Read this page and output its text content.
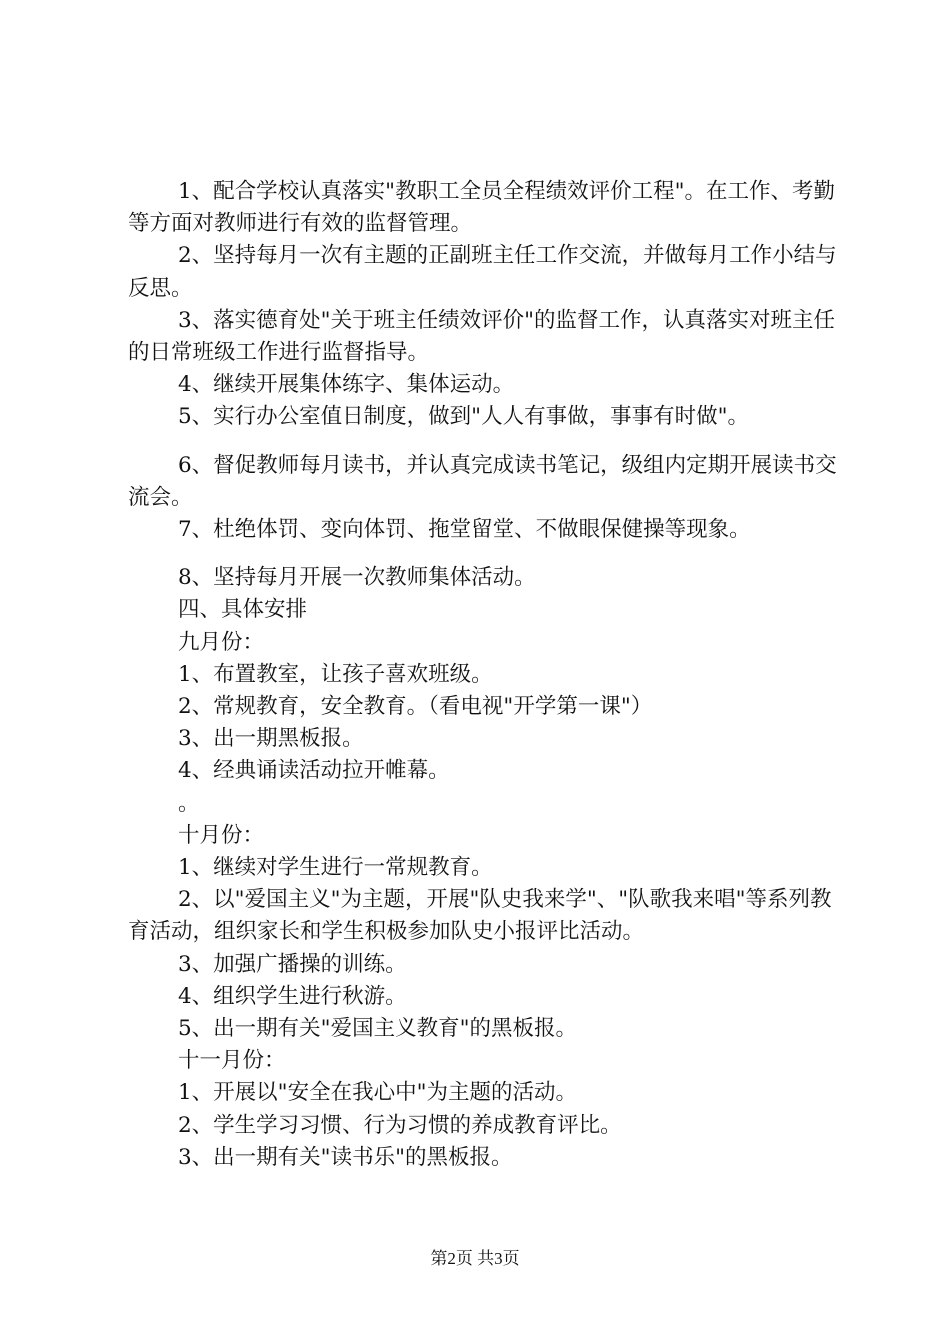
1、配合学校认真落实"教职工全员全程绩效评价工程"。在工作、考勤等方面对教师进行有效的监督管理。

2、坚持每月一次有主题的正副班主任工作交流，并做每月工作小结与反思。

3、落实德育处"关于班主任绩效评价"的监督工作，认真落实对班主任的日常班级工作进行监督指导。

4、继续开展集体练字、集体运动。

5、实行办公室值日制度，做到"人人有事做，事事有时做"。

6、督促教师每月读书，并认真完成读书笔记，级组内定期开展读书交流会。

7、杜绝体罚、变向体罚、拖堂留堂、不做眼保健操等现象。

8、坚持每月开展一次教师集体活动。

四、具体安排

九月份：

1、布置教室，让孩子喜欢班级。

2、常规教育，安全教育。（看电视"开学第一课"）

3、出一期黑板报。

4、经典诵读活动拉开帷幕。

。

十月份：

1、继续对学生进行一常规教育。

2、以"爱国主义"为主题，开展"队史我来学"、"队歌我来唱"等系列教育活动，组织家长和学生积极参加队史小报评比活动。

3、加强广播操的训练。

4、组织学生进行秋游。

5、出一期有关"爱国主义教育"的黑板报。

十一月份：

1、开展以"安全在我心中"为主题的活动。

2、学生学习习惯、行为习惯的养成教育评比。

3、出一期有关"读书乐"的黑板报。

第2页 共3页
